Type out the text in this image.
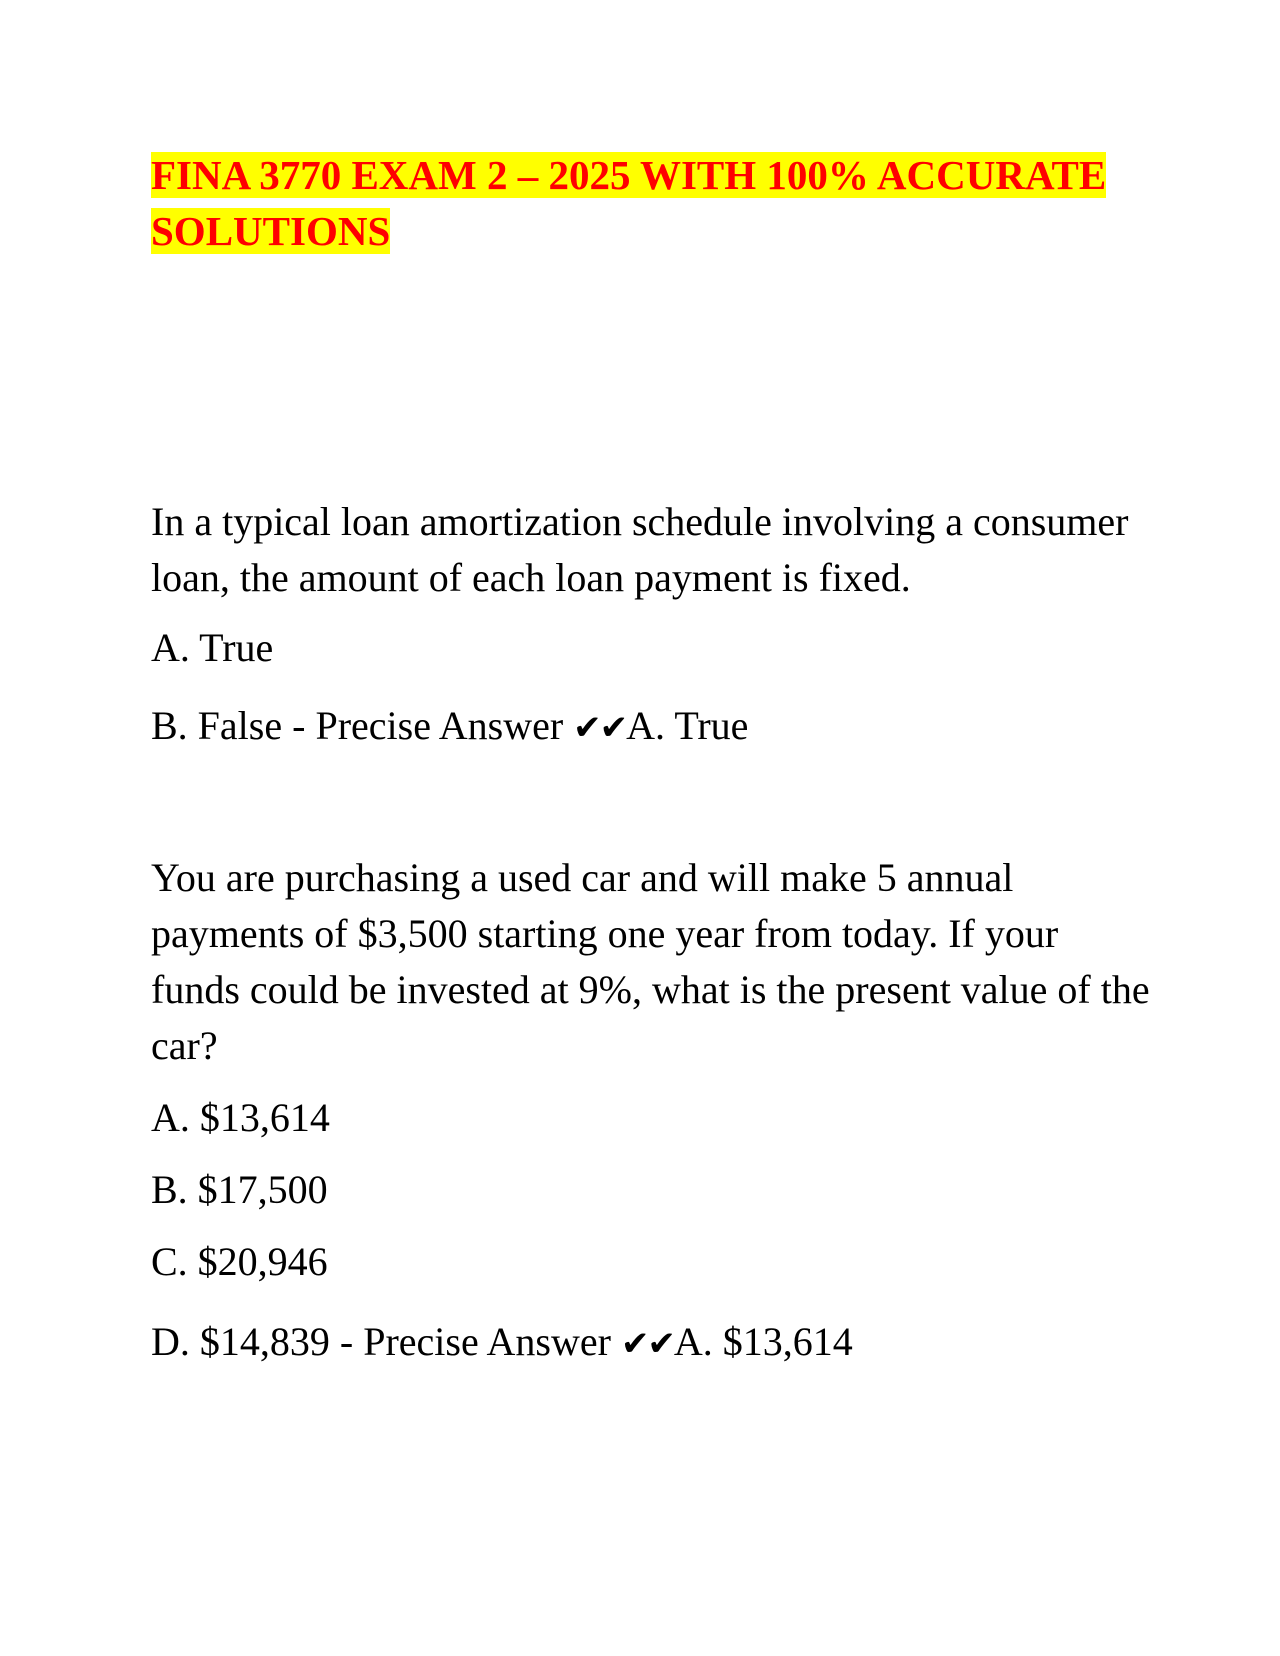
FINA 3770 EXAM 2 – 2025 WITH 100% ACCURATE SOLUTIONS

In a typical loan amortization schedule involving a consumer loan, the amount of each loan payment is fixed.

A. True

B. False - Precise Answer ✔✔A. True

You are purchasing a used car and will make 5 annual payments of $3,500 starting one year from today. If your funds could be invested at 9%, what is the present value of the car?

A. $13,614

B. $17,500

C. $20,946

D. $14,839 - Precise Answer ✔✔A. $13,614
